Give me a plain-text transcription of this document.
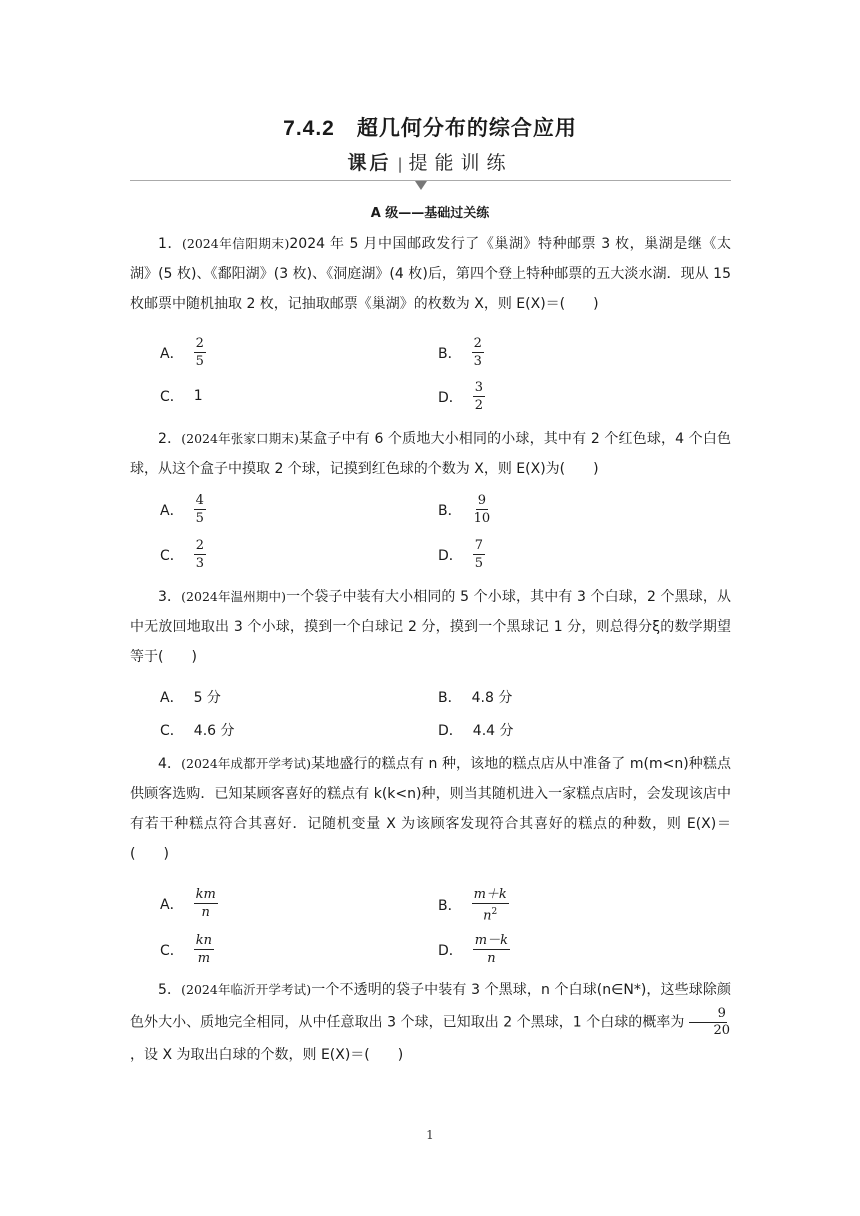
7.4.2 超几何分布的综合应用
课后 | 提能训练
A 级——基础过关练

1．(2024年信阳期末)2024 年 5 月中国邮政发行了《巢湖》特种邮票 3 枚，巢湖是继《太湖》(5 枚)、《鄱阳湖》(3 枚)、《洞庭湖》(4 枚)后，第四个登上特种邮票的五大淡水湖．现从 15 枚邮票中随机抽取 2 枚，记抽取邮票《巢湖》的枚数为 X，则 E(X)＝(　　)

A． $\frac{2}{5}$	B． $\frac{2}{3}$
C． 1	D． $\frac{3}{2}$

2．(2024年张家口期末)某盒子中有 6 个质地大小相同的小球，其中有 2 个红色球，4 个白色球，从这个盒子中摸取 2 个球，记摸到红色球的个数为 X，则 E(X)为(　　)

A． $\frac{4}{5}$	B． $\frac{9}{10}$
C． $\frac{2}{3}$	D． $\frac{7}{5}$

3．(2024年温州期中)一个袋子中装有大小相同的 5 个小球，其中有 3 个白球，2 个黑球，从中无放回地取出 3 个小球，摸到一个白球记 2 分，摸到一个黑球记 1 分，则总得分ξ的数学期望等于(　　)

A． 5 分	B． 4.8 分
C． 4.6 分	D． 4.4 分

4．(2024年成都开学考试)某地盛行的糕点有 n 种，该地的糕点店从中准备了 m(m<n)种糕点供顾客选购．已知某顾客喜好的糕点有 k(k<n)种，则当其随机进入一家糕点店时，会发现该店中有若干种糕点符合其喜好．记随机变量 X 为该顾客发现符合其喜好的糕点的种数，则 E(X)＝(　　)

A． $\frac{km}{n}$	B． $\frac{m+k}{n^2}$
C． $\frac{kn}{m}$	D． $\frac{m-k}{n}$

5．(2024年临沂开学考试)一个不透明的袋子中装有 3 个黑球，n 个白球(n∈N*)，这些球除颜色外大小、质地完全相同，从中任意取出 3 个球，已知取出 2 个黑球，1 个白球的概率为 $\frac{9}{20}$
，设 X 为取出白球的个数，则 E(X)＝(　　)

1
